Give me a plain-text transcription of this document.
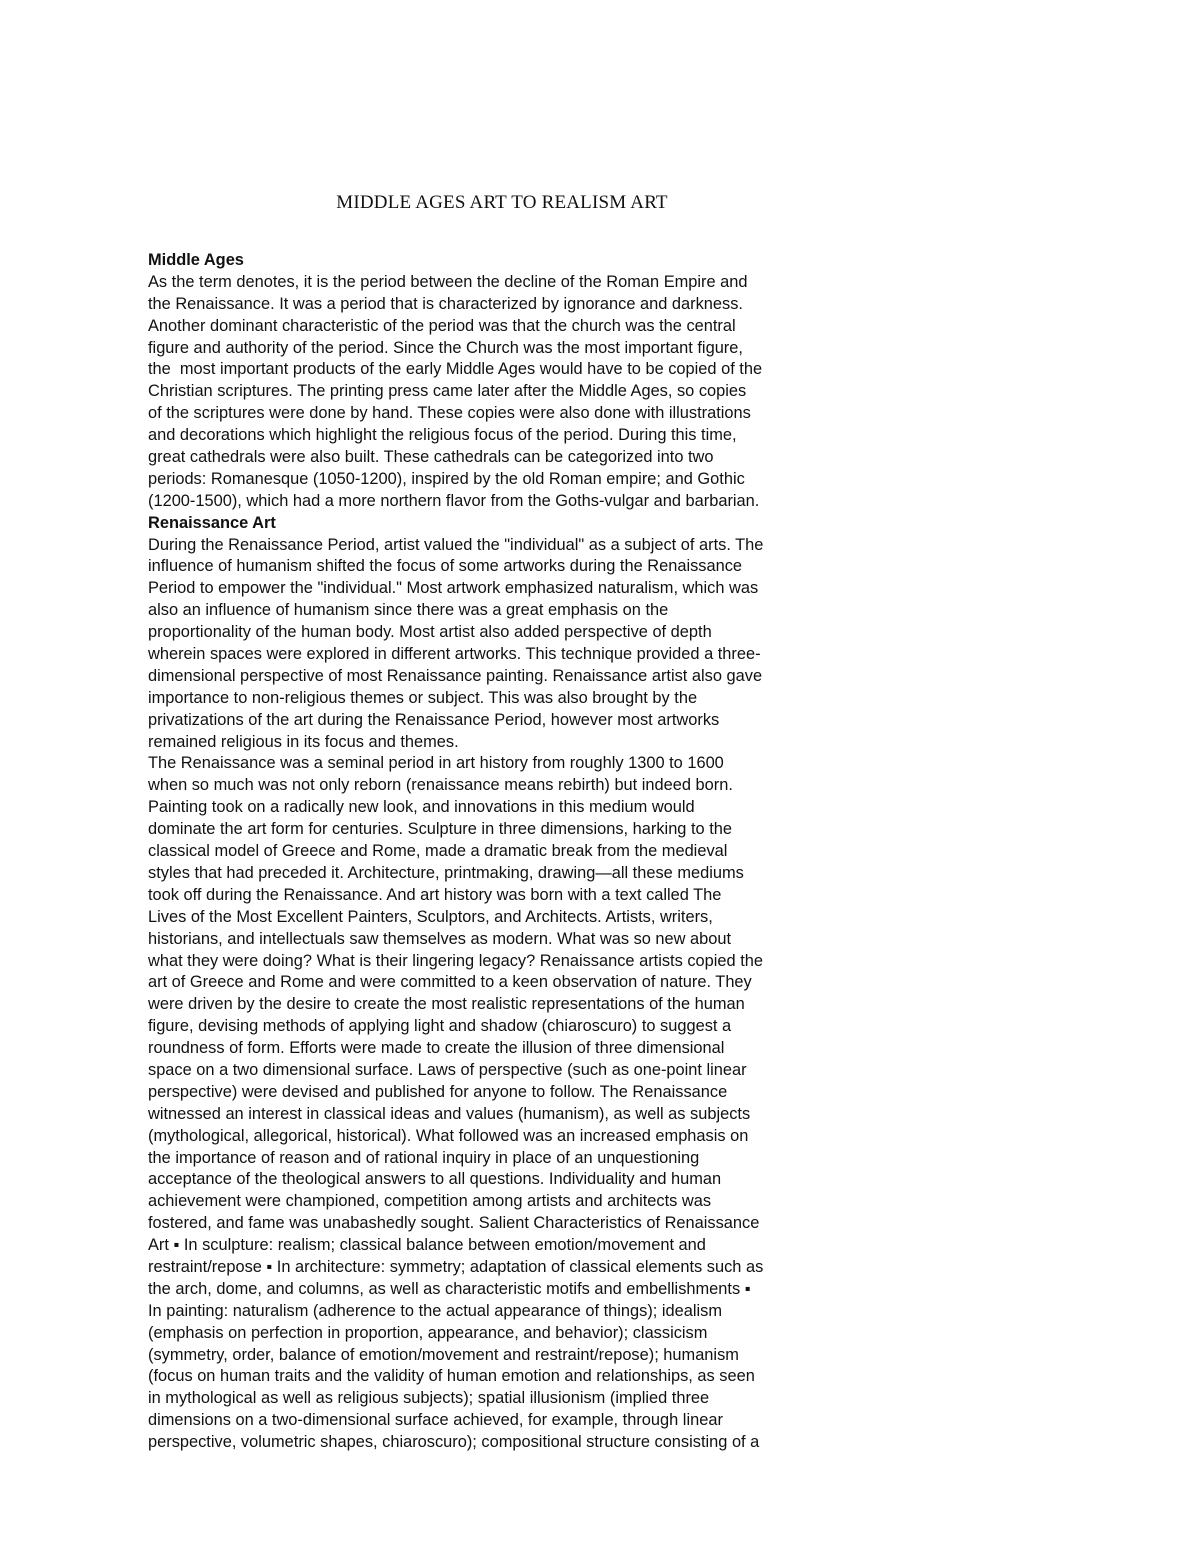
MIDDLE AGES ART TO REALISM ART
Middle Ages
As the term denotes, it is the period between the decline of the Roman Empire and
the Renaissance. It was a period that is characterized by ignorance and darkness.
Another dominant characteristic of the period was that the church was the central
figure and authority of the period. Since the Church was the most important figure,
the  most important products of the early Middle Ages would have to be copied of the
Christian scriptures. The printing press came later after the Middle Ages, so copies
of the scriptures were done by hand. These copies were also done with illustrations
and decorations which highlight the religious focus of the period. During this time,
great cathedrals were also built. These cathedrals can be categorized into two
periods: Romanesque (1050-1200), inspired by the old Roman empire; and Gothic
(1200-1500), which had a more northern flavor from the Goths-vulgar and barbarian.
Renaissance Art
During the Renaissance Period, artist valued the "individual" as a subject of arts. The
influence of humanism shifted the focus of some artworks during the Renaissance
Period to empower the "individual." Most artwork emphasized naturalism, which was
also an influence of humanism since there was a great emphasis on the
proportionality of the human body. Most artist also added perspective of depth
wherein spaces were explored in different artworks. This technique provided a three-
dimensional perspective of most Renaissance painting. Renaissance artist also gave
importance to non-religious themes or subject. This was also brought by the
privatizations of the art during the Renaissance Period, however most artworks
remained religious in its focus and themes.
The Renaissance was a seminal period in art history from roughly 1300 to 1600
when so much was not only reborn (renaissance means rebirth) but indeed born.
Painting took on a radically new look, and innovations in this medium would
dominate the art form for centuries. Sculpture in three dimensions, harking to the
classical model of Greece and Rome, made a dramatic break from the medieval
styles that had preceded it. Architecture, printmaking, drawing—all these mediums
took off during the Renaissance. And art history was born with a text called The
Lives of the Most Excellent Painters, Sculptors, and Architects. Artists, writers,
historians, and intellectuals saw themselves as modern. What was so new about
what they were doing? What is their lingering legacy? Renaissance artists copied the
art of Greece and Rome and were committed to a keen observation of nature. They
were driven by the desire to create the most realistic representations of the human
figure, devising methods of applying light and shadow (chiaroscuro) to suggest a
roundness of form. Efforts were made to create the illusion of three dimensional
space on a two dimensional surface. Laws of perspective (such as one-point linear
perspective) were devised and published for anyone to follow. The Renaissance
witnessed an interest in classical ideas and values (humanism), as well as subjects
(mythological, allegorical, historical). What followed was an increased emphasis on
the importance of reason and of rational inquiry in place of an unquestioning
acceptance of the theological answers to all questions. Individuality and human
achievement were championed, competition among artists and architects was
fostered, and fame was unabashedly sought. Salient Characteristics of Renaissance
Art ▪ In sculpture: realism; classical balance between emotion/movement and
restraint/repose ▪ In architecture: symmetry; adaptation of classical elements such as
the arch, dome, and columns, as well as characteristic motifs and embellishments ▪
In painting: naturalism (adherence to the actual appearance of things); idealism
(emphasis on perfection in proportion, appearance, and behavior); classicism
(symmetry, order, balance of emotion/movement and restraint/repose); humanism
(focus on human traits and the validity of human emotion and relationships, as seen
in mythological as well as religious subjects); spatial illusionism (implied three
dimensions on a two-dimensional surface achieved, for example, through linear
perspective, volumetric shapes, chiaroscuro); compositional structure consisting of a
